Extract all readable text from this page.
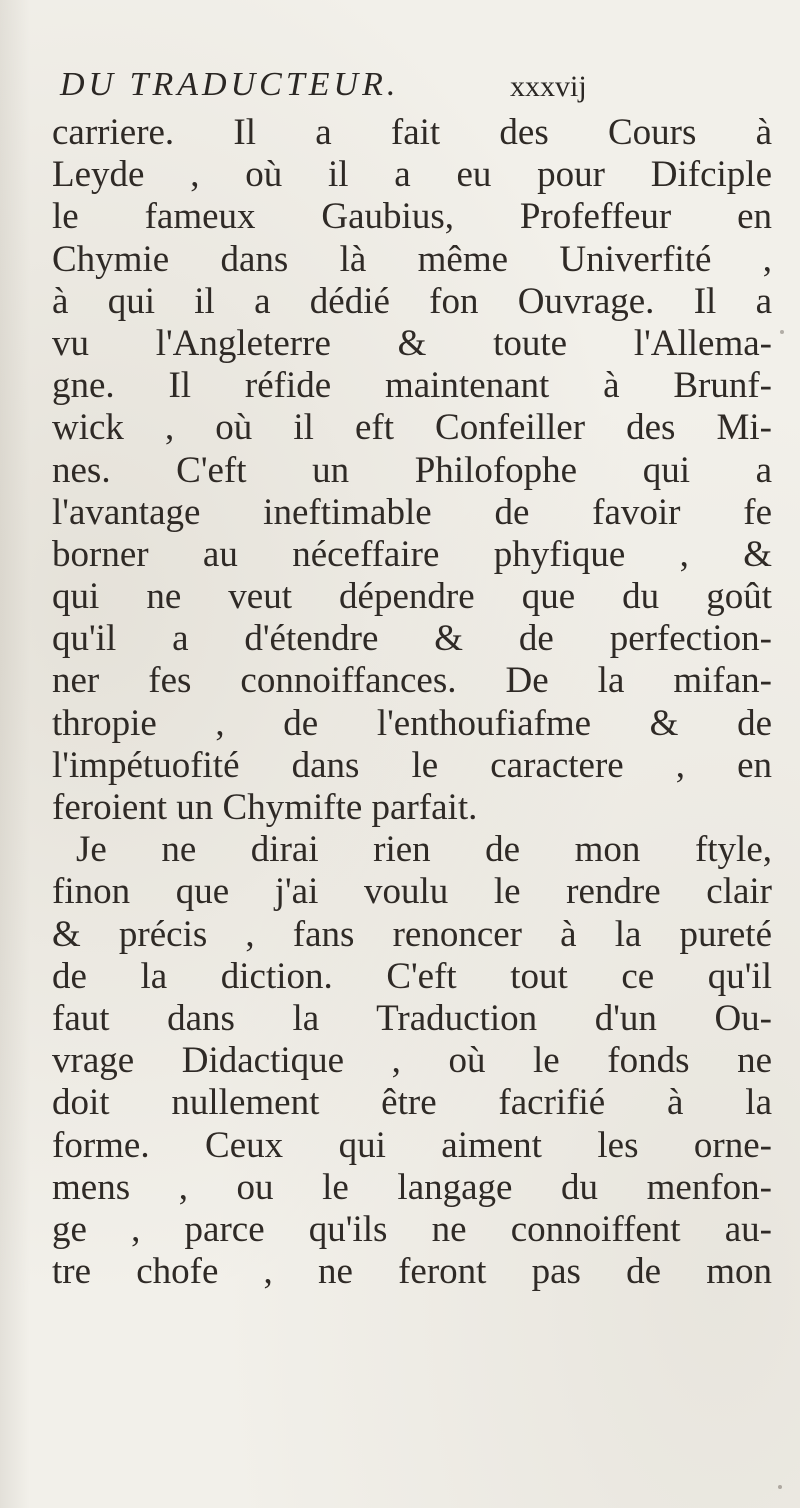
DU TRADUCTEUR.	xxxvij
carriere. Il a fait des Cours à
Leyde , où il a eu pour Difciple
le fameux Gaubius, Profeffeur en
Chymie dans là même Univerfité ,
à qui il a dédié fon Ouvrage. Il a
vu l'Angleterre & toute l'Allema-
gne. Il réfide maintenant à Brunf-
wick , où il eft Confeiller des Mi-
nes. C'eft un Philofophe qui a
l'avantage ineftimable de favoir fe
borner au néceffaire phyfique , &
qui ne veut dépendre que du goût
qu'il a d'étendre & de perfection-
ner fes connoiffances. De la mifan-
thropie , de l'enthoufiafme & de
l'impétuofité dans le caractere , en
feroient un Chymifte parfait.
Je ne dirai rien de mon ftyle,
finon que j'ai voulu le rendre clair
& précis , fans renoncer à la pureté
de la diction. C'eft tout ce qu'il
faut dans la Traduction d'un Ou-
vrage Didactique , où le fonds ne
doit nullement être facrifié à la
forme. Ceux qui aiment les orne-
mens , ou le langage du menfon-
ge , parce qu'ils ne connoiffent au-
tre chofe , ne feront pas de mon
